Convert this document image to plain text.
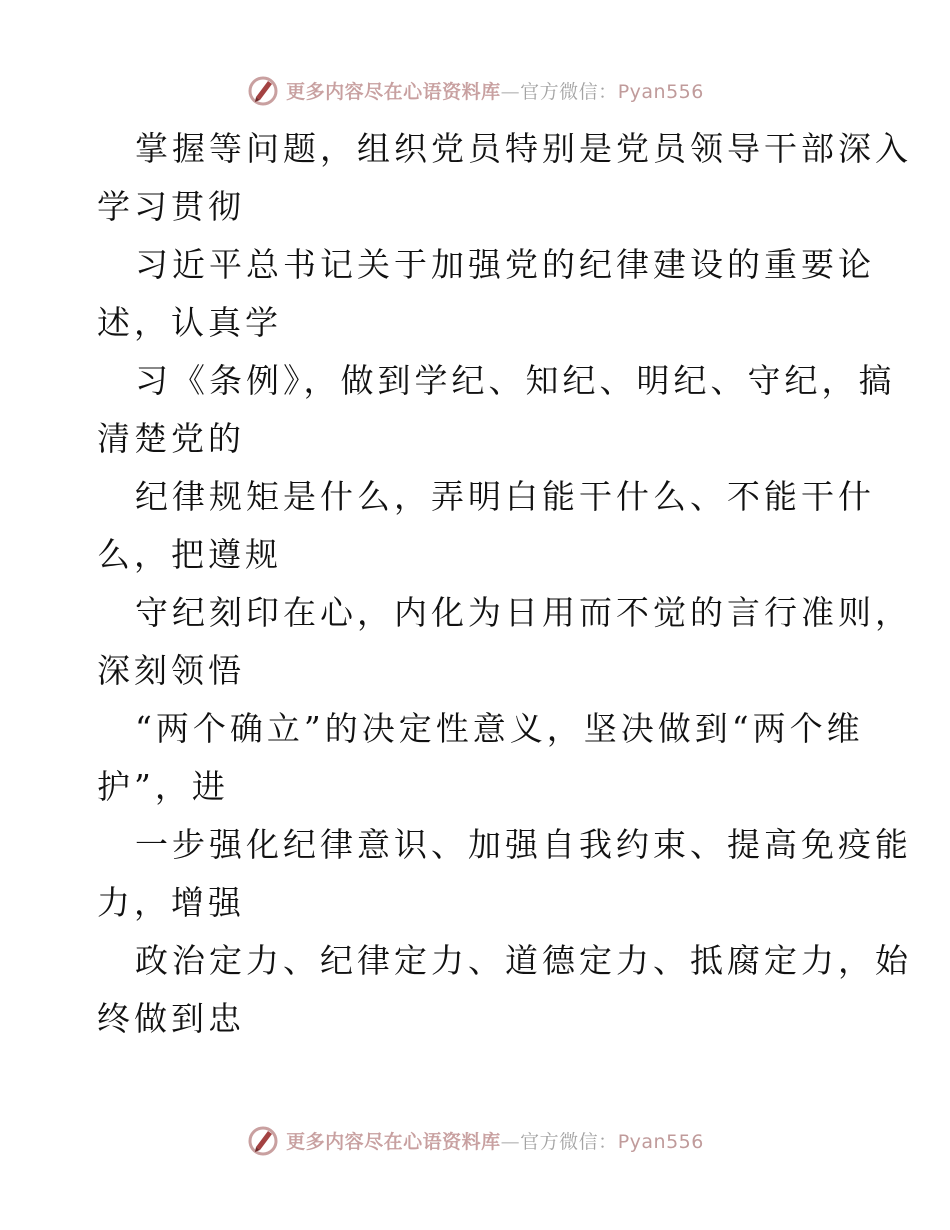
更多内容尽在心语资料库—官方微信：Pyan556

掌握等问题，组织党员特别是党员领导干部深入
学习贯彻

习近平总书记关于加强党的纪律建设的重要论
述，认真学

习《条例》，做到学纪、知纪、明纪、守纪，搞
清楚党的

纪律规矩是什么，弄明白能干什么、不能干什
么，把遵规

守纪刻印在心，内化为日用而不觉的言行准则，
深刻领悟

“两个确立”的决定性意义，坚决做到“两个维
护”，进

一步强化纪律意识、加强自我约束、提高免疫能
力，增强

政治定力、纪律定力、道德定力、抵腐定力，始
终做到忠

更多内容尽在心语资料库—官方微信：Pyan556
